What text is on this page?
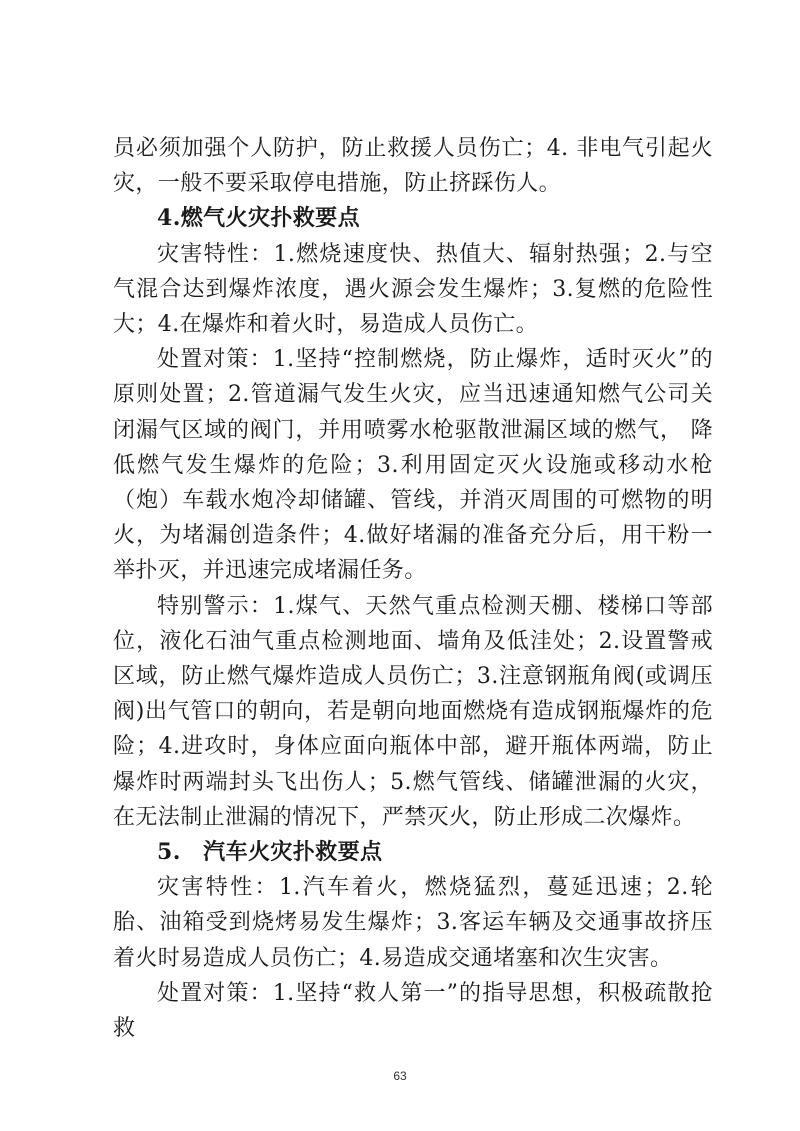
员必须加强个人防护，防止救援人员伤亡；4. 非电气引起火灾，一般不要采取停电措施，防止挤踩伤人。

4.燃气火灾扑救要点

灾害特性：1.燃烧速度快、热值大、辐射热强；2.与空气混合达到爆炸浓度，遇火源会发生爆炸；3.复燃的危险性 大；4.在爆炸和着火时，易造成人员伤亡。

处置对策：1.坚持“控制燃烧，防止爆炸，适时灭火”的原则处置；2.管道漏气发生火灾，应当迅速通知燃气公司关闭漏气区域的阀门，并用喷雾水枪驱散泄漏区域的燃气， 降低燃气发生爆炸的危险；3.利用固定灭火设施或移动水枪（炮）车载水炮冷却储罐、管线，并消灭周围的可燃物的明火，为堵漏创造条件；4.做好堵漏的准备充分后，用干粉一 举扑灭，并迅速完成堵漏任务。

特别警示：1.煤气、天然气重点检测天棚、楼梯口等部位，液化石油气重点检测地面、墙角及低洼处；2.设置警戒 区域，防止燃气爆炸造成人员伤亡；3.注意钢瓶角阀(或调压 阀)出气管口的朝向，若是朝向地面燃烧有造成钢瓶爆炸的危 险；4.进攻时，身体应面向瓶体中部，避开瓶体两端，防止 爆炸时两端封头飞出伤人；5.燃气管线、储罐泄漏的火灾， 在无法制止泄漏的情况下，严禁灭火，防止形成二次爆炸。

5.　汽车火灾扑救要点

灾害特性：1.汽车着火，燃烧猛烈，蔓延迅速；2.轮胎、油箱受到烧烤易发生爆炸；3.客运车辆及交通事故挤压着火时易造成人员伤亡；4.易造成交通堵塞和次生灾害。

处置对策：1.坚持“救人第一”的指导思想，积极疏散抢救

63
